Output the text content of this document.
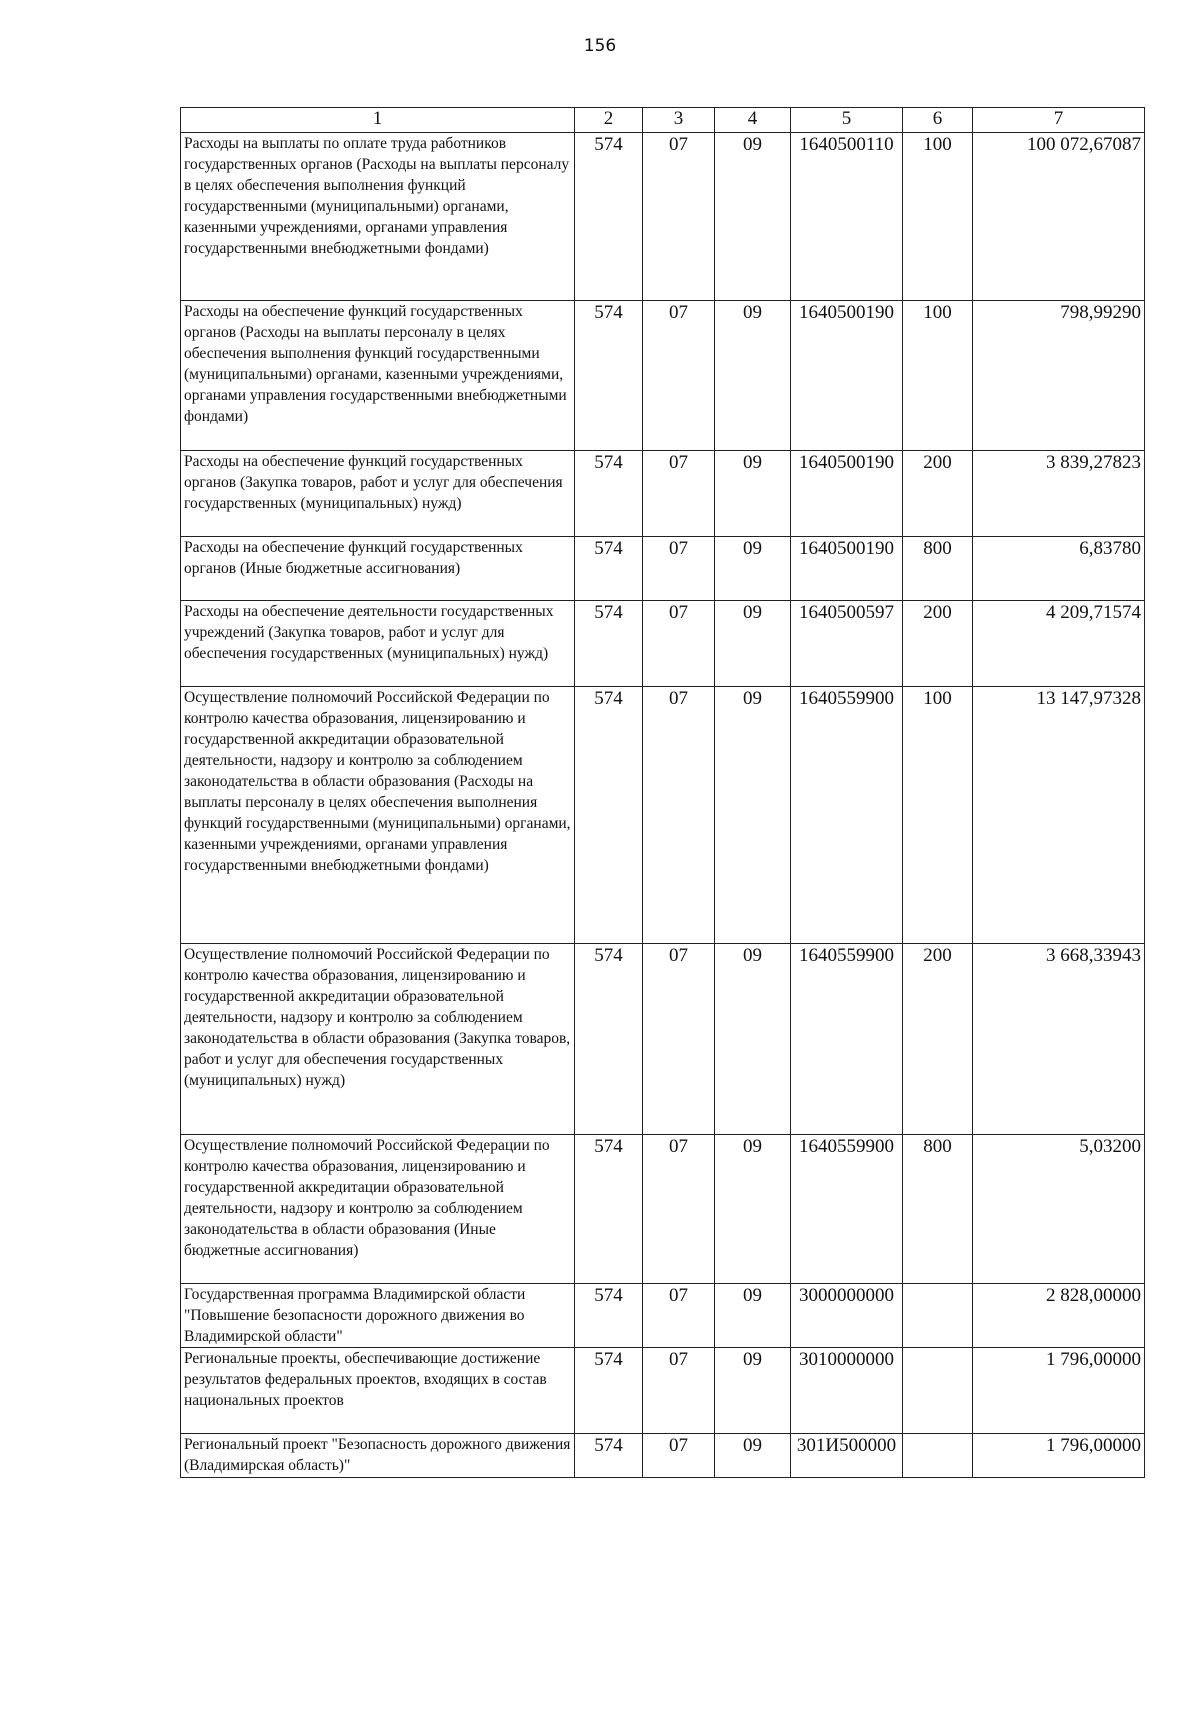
156
1	2	3	4	5	6	7
Расходы на выплаты по оплате труда работников государственных органов (Расходы на выплаты персоналу в целях обеспечения выполнения функций государственными (муниципальными) органами, казенными учреждениями, органами управления государственными внебюджетными фондами)	574	07	09	1640500110	100	100 072,67087
Расходы на обеспечение функций государственных органов (Расходы на выплаты персоналу в целях обеспечения выполнения функций государственными (муниципальными) органами, казенными учреждениями, органами управления государственными внебюджетными фондами)	574	07	09	1640500190	100	798,99290
Расходы на обеспечение функций государственных органов (Закупка товаров, работ и услуг для обеспечения государственных (муниципальных) нужд)	574	07	09	1640500190	200	3 839,27823
Расходы на обеспечение функций государственных органов (Иные бюджетные ассигнования)	574	07	09	1640500190	800	6,83780
Расходы на обеспечение деятельности государственных учреждений (Закупка товаров, работ и услуг для обеспечения государственных (муниципальных) нужд)	574	07	09	1640500597	200	4 209,71574
Осуществление полномочий Российской Федерации по контролю качества образования, лицензированию и государственной аккредитации образовательной деятельности, надзору и контролю за соблюдением законодательства в области образования (Расходы на выплаты персоналу в целях обеспечения выполнения функций государственными (муниципальными) органами, казенными учреждениями, органами управления государственными внебюджетными фондами)	574	07	09	1640559900	100	13 147,97328
Осуществление полномочий Российской Федерации по контролю качества образования, лицензированию и государственной аккредитации образовательной деятельности, надзору и контролю за соблюдением законодательства в области образования (Закупка товаров, работ и услуг для обеспечения государственных (муниципальных) нужд)	574	07	09	1640559900	200	3 668,33943
Осуществление полномочий Российской Федерации по контролю качества образования, лицензированию и государственной аккредитации образовательной деятельности, надзору и контролю за соблюдением законодательства в области образования (Иные бюджетные ассигнования)	574	07	09	1640559900	800	5,03200
Государственная программа Владимирской области "Повышение безопасности дорожного движения во Владимирской области"	574	07	09	3000000000		2 828,00000
Региональные проекты, обеспечивающие достижение результатов федеральных проектов, входящих в состав национальных проектов	574	07	09	3010000000		1 796,00000
Региональный проект "Безопасность дорожного движения (Владимирская область)"	574	07	09	301И500000		1 796,00000
